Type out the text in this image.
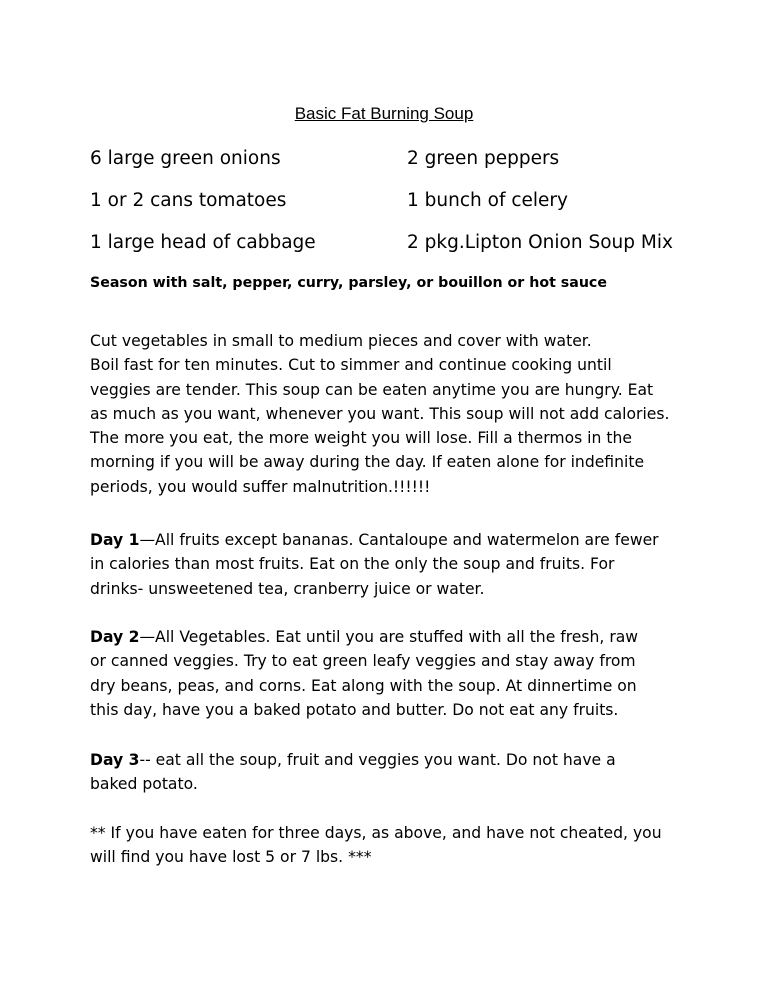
Basic Fat Burning Soup
6 large green onions	2 green peppers
1 or 2 cans tomatoes	1 bunch of celery
1 large head of cabbage	2 pkg.Lipton Onion Soup Mix
Season with salt, pepper, curry, parsley, or bouillon or hot sauce
Cut vegetables in small to medium pieces and cover with water.
Boil fast for ten minutes. Cut to simmer and continue cooking until
veggies are tender. This soup can be eaten anytime you are hungry. Eat
as much as you want, whenever you want. This soup will not add calories.
The more you eat, the more weight you will lose. Fill a thermos in the
morning if you will be away during the day. If eaten alone for indefinite
periods, you would suffer malnutrition.!!!!!!
Day 1—All fruits except bananas. Cantaloupe and watermelon are fewer
in calories than most fruits. Eat on the only the soup and fruits. For
drinks- unsweetened tea, cranberry juice or water.
Day 2—All Vegetables. Eat until you are stuffed with all the fresh, raw
or canned veggies. Try to eat green leafy veggies and stay away from
dry beans, peas, and corns. Eat along with the soup. At dinnertime on
this day, have you a baked potato and butter. Do not eat any fruits.
Day 3-- eat all the soup, fruit and veggies you want. Do not have a
baked potato.
** If you have eaten for three days, as above, and have not cheated, you
will find you have lost 5 or 7 lbs. ***
